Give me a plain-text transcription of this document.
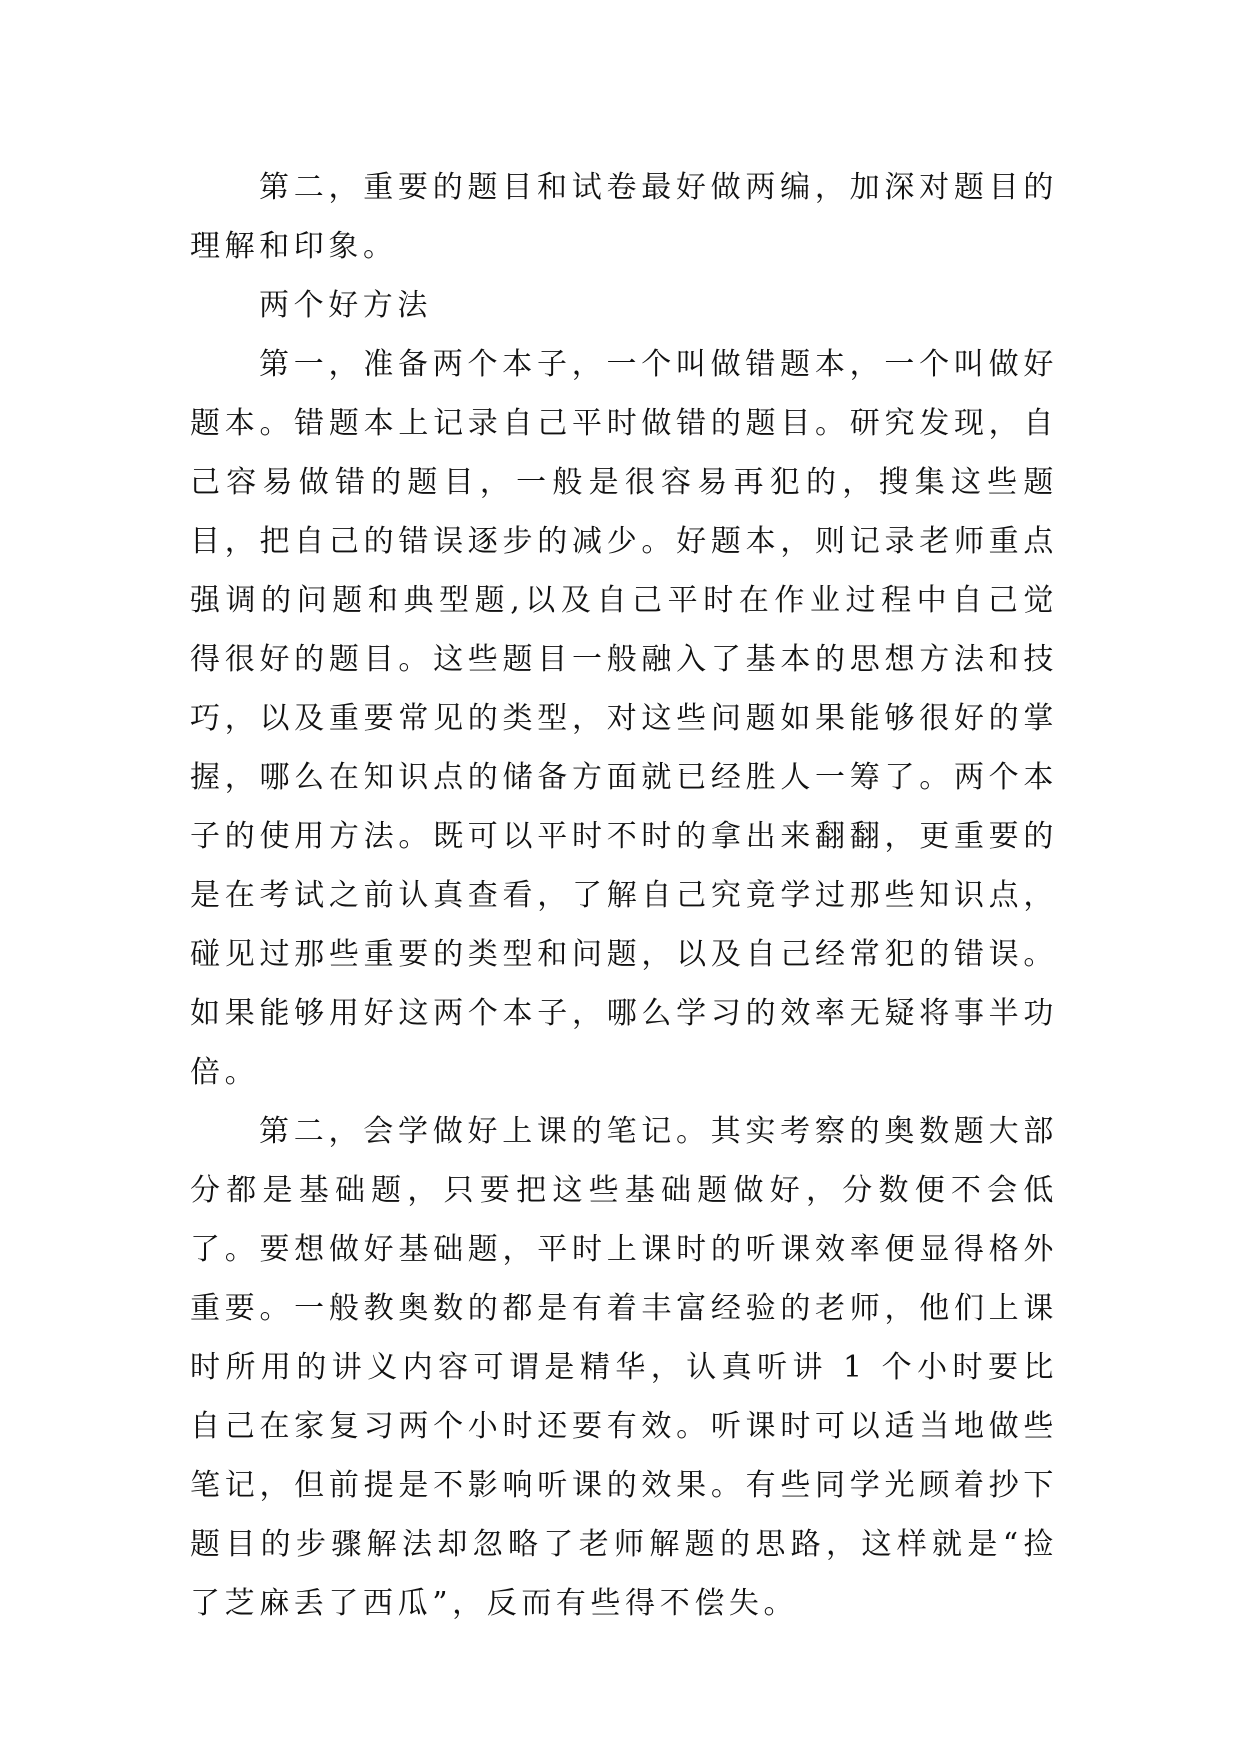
第二，重要的题目和试卷最好做两编，加深对题目的理解和印象。

两个好方法

第一，准备两个本子，一个叫做错题本，一个叫做好题本。错题本上记录自己平时做错的题目。研究发现，自己容易做错的题目，一般是很容易再犯的，搜集这些题目，把自己的错误逐步的减少。好题本，则记录老师重点强调的问题和典型题,以及自己平时在作业过程中自己觉得很好的题目。这些题目一般融入了基本的思想方法和技巧，以及重要常见的类型，对这些问题如果能够很好的掌握，哪么在知识点的储备方面就已经胜人一筹了。两个本子的使用方法。既可以平时不时的拿出来翻翻，更重要的是在考试之前认真查看，了解自己究竟学过那些知识点，碰见过那些重要的类型和问题，以及自己经常犯的错误。如果能够用好这两个本子，哪么学习的效率无疑将事半功倍。

第二，会学做好上课的笔记。其实考察的奥数题大部分都是基础题，只要把这些基础题做好，分数便不会低了。要想做好基础题，平时上课时的听课效率便显得格外重要。一般教奥数的都是有着丰富经验的老师，他们上课时所用的讲义内容可谓是精华，认真听讲 1 个小时要比自己在家复习两个小时还要有效。听课时可以适当地做些笔记，但前提是不影响听课的效果。有些同学光顾着抄下题目的步骤解法却忽略了老师解题的思路，这样就是“捡了芝麻丢了西瓜”，反而有些得不偿失。
